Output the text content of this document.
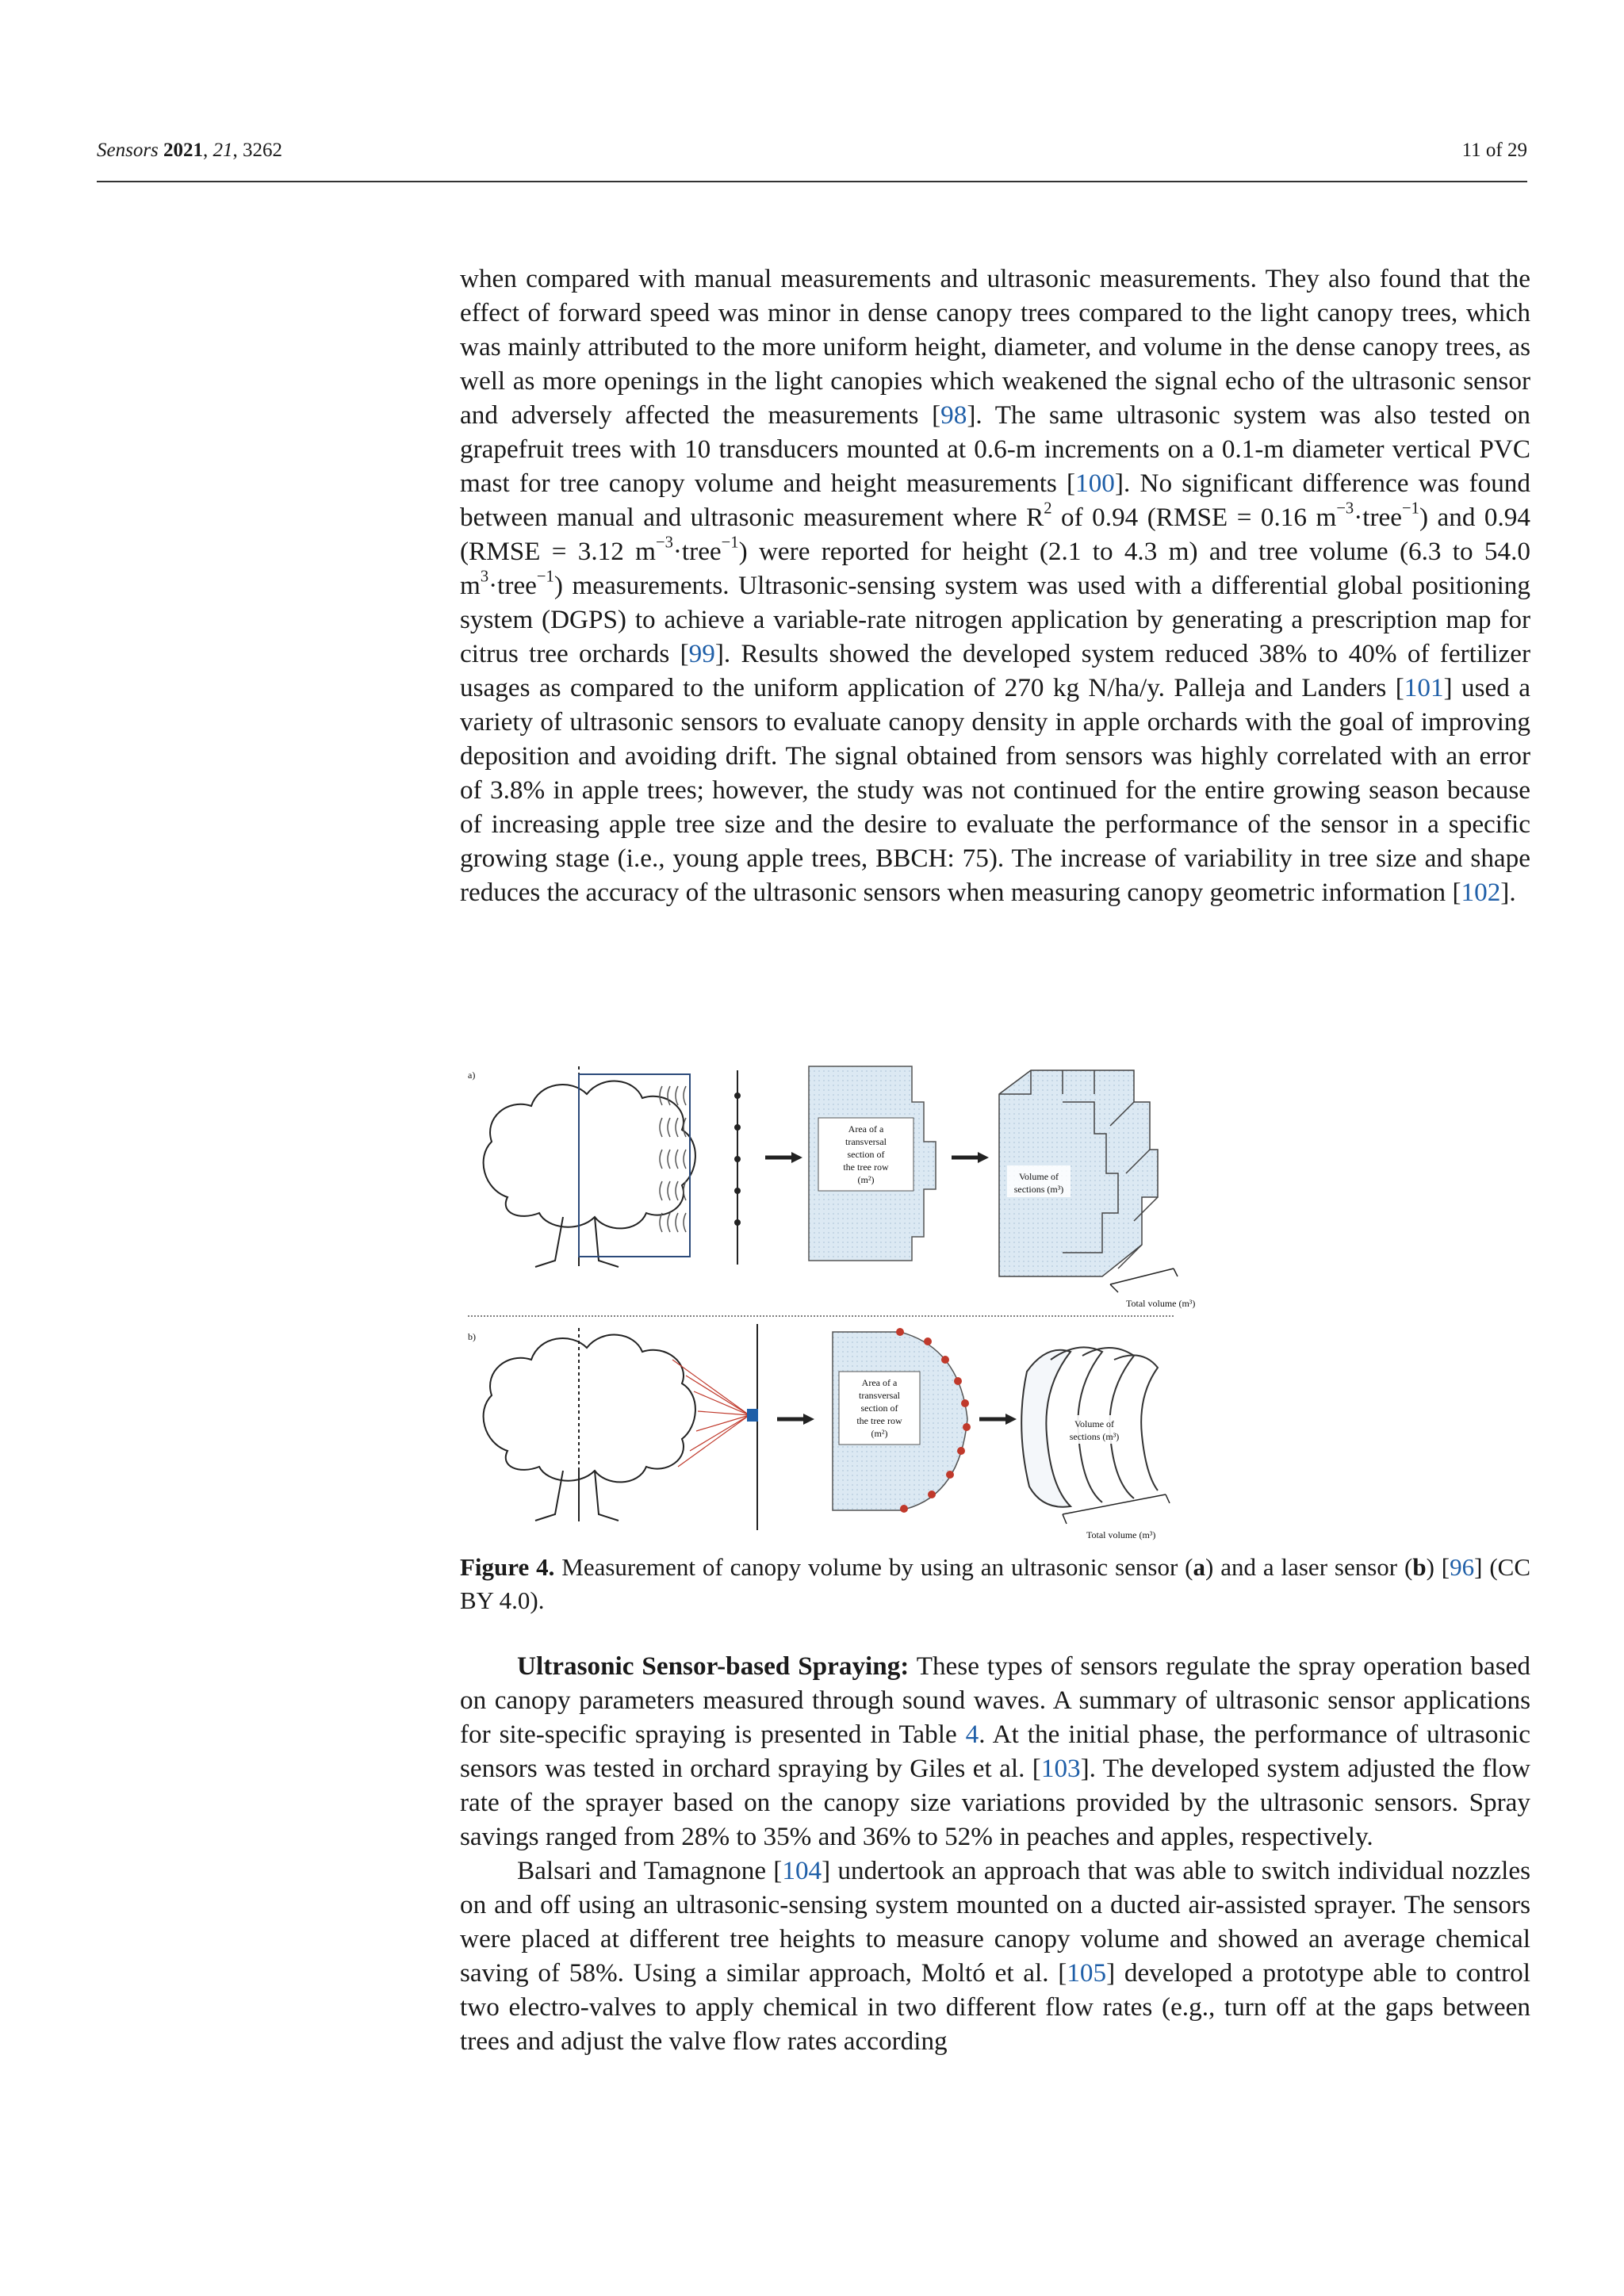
Sensors 2021, 21, 3262	11 of 29

when compared with manual measurements and ultrasonic measurements. They also found that the effect of forward speed was minor in dense canopy trees compared to the light canopy trees, which was mainly attributed to the more uniform height, diameter, and volume in the dense canopy trees, as well as more openings in the light canopies which weakened the signal echo of the ultrasonic sensor and adversely affected the measurements [98]. The same ultrasonic system was also tested on grapefruit trees with 10 transducers mounted at 0.6-m increments on a 0.1-m diameter vertical PVC mast for tree canopy volume and height measurements [100]. No significant difference was found between manual and ultrasonic measurement where $R^2$ of 0.94 (RMSE = 0.16 $m^{-3}\cdot tree^{-1}$) and 0.94 (RMSE = 3.12 $m^{-3}\cdot tree^{-1}$) were reported for height (2.1 to 4.3 m) and tree volume (6.3 to 54.0 $m^3\cdot tree^{-1}$) measurements. Ultrasonic-sensing system was used with a differential global positioning system (DGPS) to achieve a variable-rate nitrogen application by generating a prescription map for citrus tree orchards [99]. Results showed the developed system reduced 38% to 40% of fertilizer usages as compared to the uniform application of 270 kg N/ha/y. Palleja and Landers [101] used a variety of ultrasonic sensors to evaluate canopy density in apple orchards with the goal of improving deposition and avoiding drift. The signal obtained from sensors was highly correlated with an error of 3.8% in apple trees; however, the study was not continued for the entire growing season because of increasing apple tree size and the desire to evaluate the performance of the sensor in a specific growing stage (i.e., young apple trees, BBCH: 75). The increase of variability in tree size and shape reduces the accuracy of the ultrasonic sensors when measuring canopy geometric information [102].

a)
Area of a
transversal
section of
the tree row
(m²)	Volume of
sections (m³)
Total volume (m³)
b)
Area of a
transversal
section of
the tree row
(m²)
Volume of
sections (m³)
Total volume (m³)
Figure 4. Measurement of canopy volume by using an ultrasonic sensor (a) and a laser sensor (b) [96] (CC BY 4.0).

Ultrasonic Sensor-based Spraying: These types of sensors regulate the spray operation based on canopy parameters measured through sound waves. A summary of ultrasonic sensor applications for site-specific spraying is presented in Table 4. At the initial phase, the performance of ultrasonic sensors was tested in orchard spraying by Giles et al. [103]. The developed system adjusted the flow rate of the sprayer based on the canopy size variations provided by the ultrasonic sensors. Spray savings ranged from 28% to 35% and 36% to 52% in peaches and apples, respectively.

Balsari and Tamagnone [104] undertook an approach that was able to switch individual nozzles on and off using an ultrasonic-sensing system mounted on a ducted air-assisted sprayer. The sensors were placed at different tree heights to measure canopy volume and showed an average chemical saving of 58%. Using a similar approach, Moltó et al. [105] developed a prototype able to control two electro-valves to apply chemical in two different flow rates (e.g., turn off at the gaps between trees and adjust the valve flow rates according
